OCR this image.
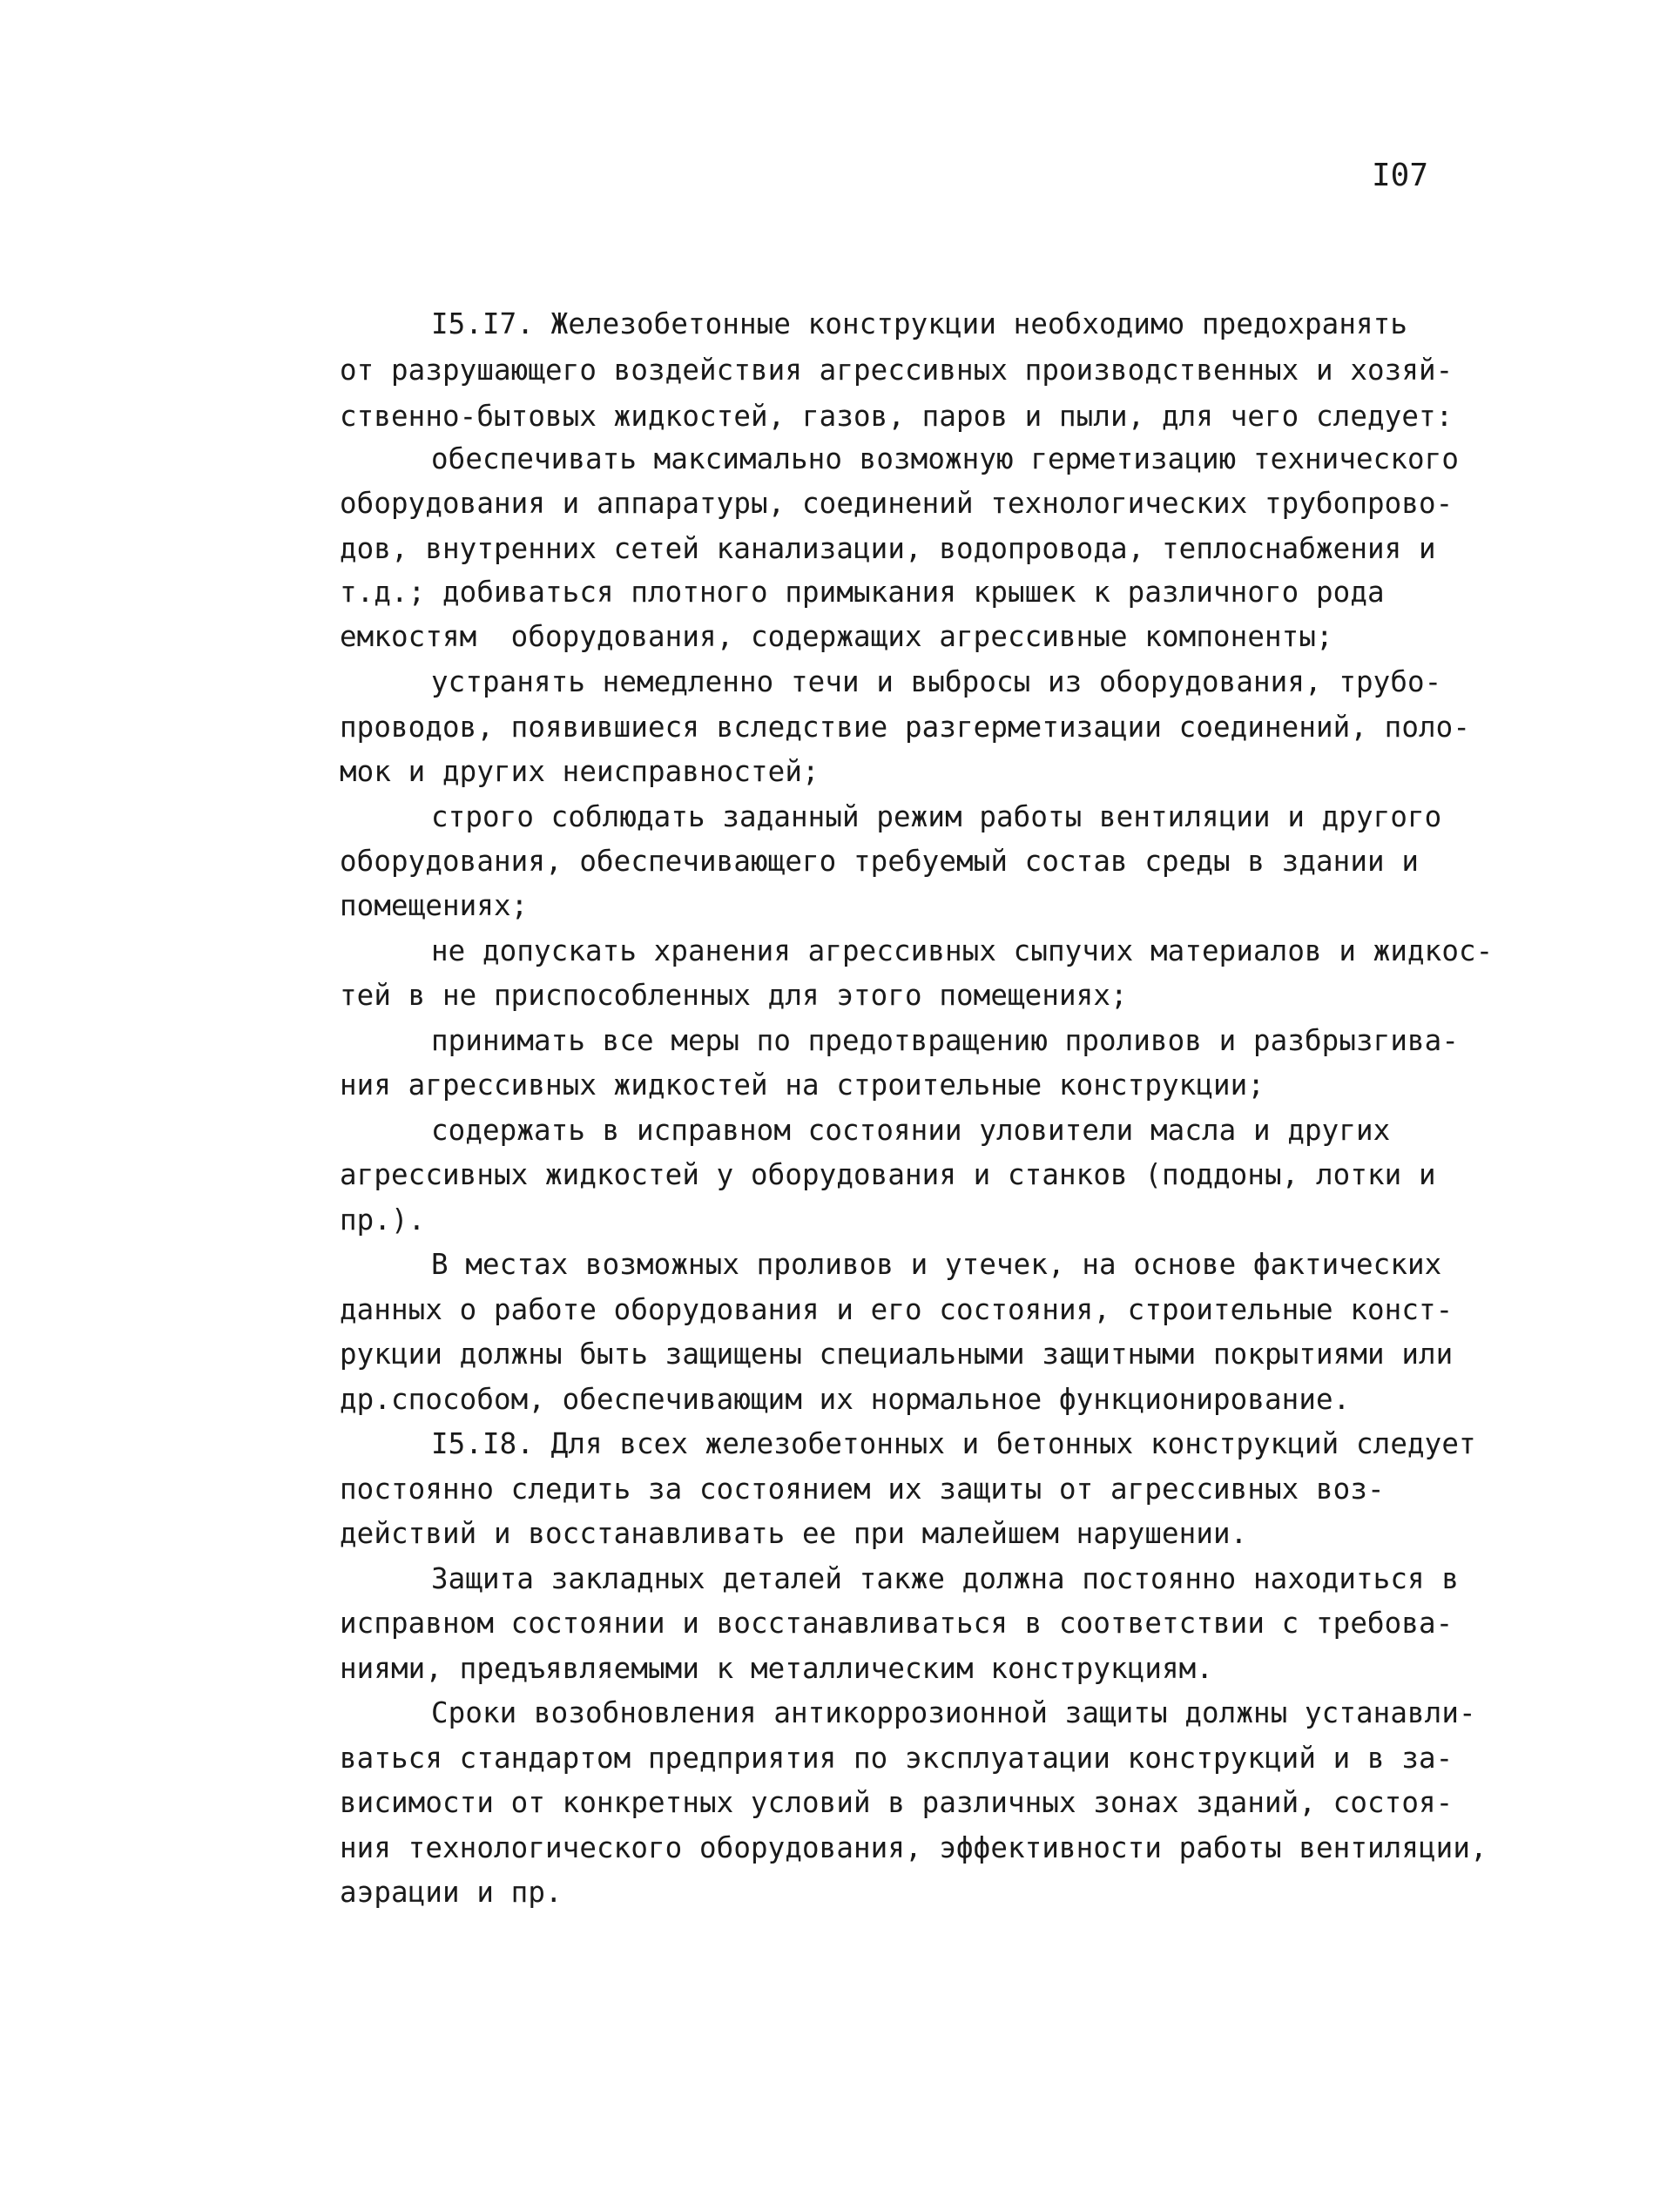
I07
I5.I7. Железобетонные конструкции необходимо предохранять
от разрушающего воздействия агрессивных производственных и хозяй-
ственно-бытовых жидкостей, газов, паров и пыли, для чего следует:
обеспечивать максимально возможную герметизацию технического
оборудования и аппаратуры, соединений технологических трубопрово-
дов, внутренних сетей канализации, водопровода, теплоснабжения и
т.д.; добиваться плотного примыкания крышек к различного рода
емкостям  оборудования, содержащих агрессивные компоненты;
устранять немедленно течи и выбросы из оборудования, трубо-
проводов, появившиеся вследствие разгерметизации соединений, поло-
мок и других неисправностей;
строго соблюдать заданный режим работы вентиляции и другого
оборудования, обеспечивающего требуемый состав среды в здании и
помещениях;
не допускать хранения агрессивных сыпучих материалов и жидкос-
тей в не приспособленных для этого помещениях;
принимать все меры по предотвращению проливов и разбрызгива-
ния агрессивных жидкостей на строительные конструкции;
содержать в исправном состоянии уловители масла и других
агрессивных жидкостей у оборудования и станков (поддоны, лотки и
пр.).
В местах возможных проливов и утечек, на основе фактических
данных о работе оборудования и его состояния, строительные конст-
рукции должны быть защищены специальными защитными покрытиями или
др.способом, обеспечивающим их нормальное функционирование.
I5.I8. Для всех железобетонных и бетонных конструкций следует
постоянно следить за состоянием их защиты от агрессивных воз-
действий и восстанавливать ее при малейшем нарушении.
Защита закладных деталей также должна постоянно находиться в
исправном состоянии и восстанавливаться в соответствии с требова-
ниями, предъявляемыми к металлическим конструкциям.
Сроки возобновления антикоррозионной защиты должны устанавли-
ваться стандартом предприятия по эксплуатации конструкций и в за-
висимости от конкретных условий в различных зонах зданий, состоя-
ния технологического оборудования, эффективности работы вентиляции,
аэрации и пр.
